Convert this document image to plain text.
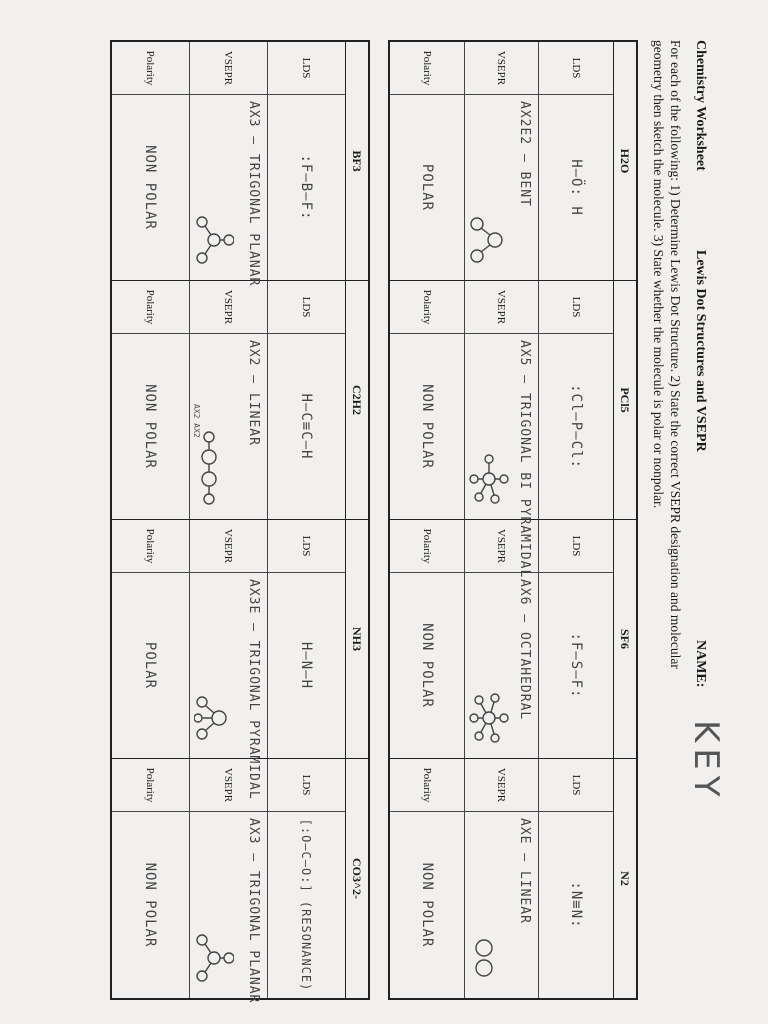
Chemistry Worksheet
Lewis Dot Structures and VSEPR
NAME:
KEY
For each of the following: 1) Determine Lewis Dot Structure. 2) State the correct VSEPR designation and molecular geometry then sketch the molecule. 3) State whether the molecule is polar or nonpolar.
H2O
LDS
H–Ö: H
VSEPR
AX2E2 – BENT
Polarity
POLAR
PCl5
LDS
:Cl–P–Cl:
VSEPR
AX5 – TRIGONAL BI PYRAMIDAL
Polarity
NON POLAR
SF6
LDS
:F–S–F:
VSEPR
AX6 – OCTAHEDRAL
Polarity
NON POLAR
N2
LDS
:N≡N:
VSEPR
AXE – LINEAR
Polarity
NON POLAR
BF3
LDS
:F–B–F:
VSEPR
AX3 – TRIGONAL PLANAR
Polarity
NON POLAR
C2H2
LDS
H–C≡C–H
VSEPR
AX2 – LINEAR
AX2 AX2
Polarity
NON POLAR
NH3
LDS
H–N–H
VSEPR
AX3E – TRIGONAL PYRAMIDAL
Polarity
POLAR
CO3^2-
LDS
[:O–C–O:] (RESONANCE)
VSEPR
AX3 – TRIGONAL PLANAR
Polarity
NON POLAR
